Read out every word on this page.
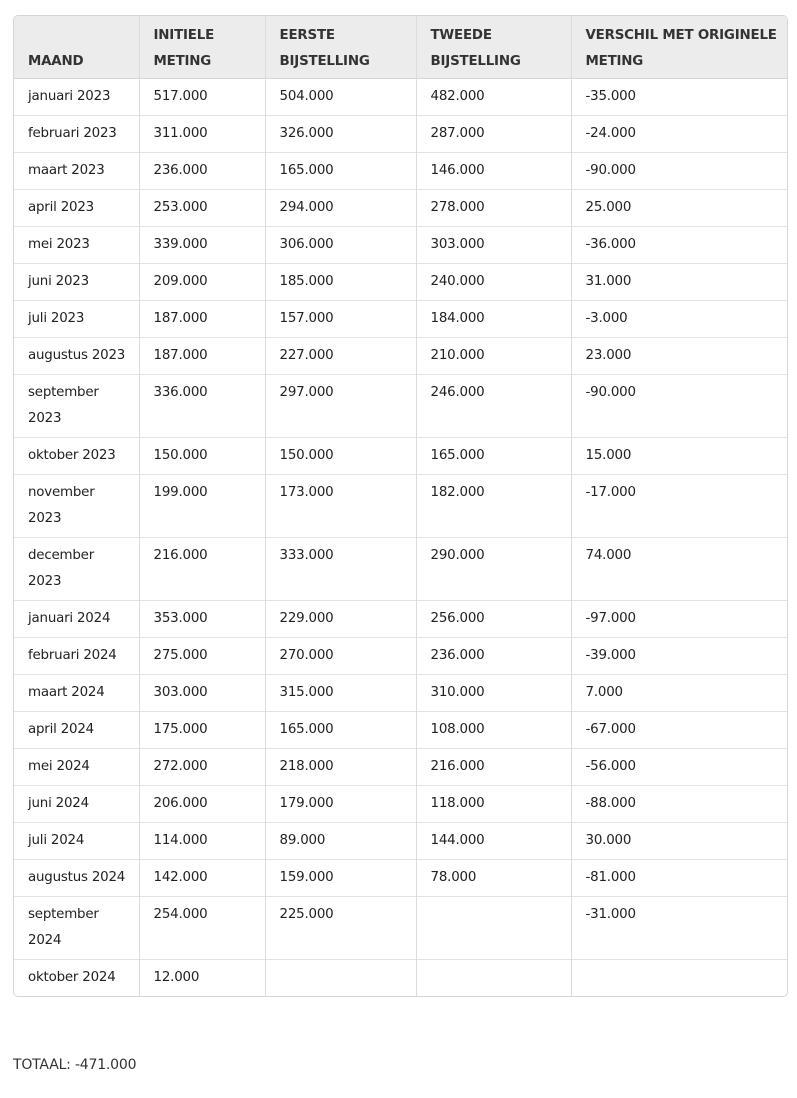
MAAND	INITIELE METING	EERSTE BIJSTELLING	TWEEDE BIJSTELLING	VERSCHIL MET ORIGINELE METING
januari 2023	517.000	504.000	482.000	-35.000
februari 2023	311.000	326.000	287.000	-24.000
maart 2023	236.000	165.000	146.000	-90.000
april 2023	253.000	294.000	278.000	25.000
mei 2023	339.000	306.000	303.000	-36.000
juni 2023	209.000	185.000	240.000	31.000
juli 2023	187.000	157.000	184.000	-3.000
augustus 2023	187.000	227.000	210.000	23.000
september 2023	336.000	297.000	246.000	-90.000
oktober 2023	150.000	150.000	165.000	15.000
november 2023	199.000	173.000	182.000	-17.000
december 2023	216.000	333.000	290.000	74.000
januari 2024	353.000	229.000	256.000	-97.000
februari 2024	275.000	270.000	236.000	-39.000
maart 2024	303.000	315.000	310.000	7.000
april 2024	175.000	165.000	108.000	-67.000
mei 2024	272.000	218.000	216.000	-56.000
juni 2024	206.000	179.000	118.000	-88.000
juli 2024	114.000	89.000	144.000	30.000
augustus 2024	142.000	159.000	78.000	-81.000
september 2024	254.000	225.000		-31.000
oktober 2024	12.000			
TOTAAL: -471.000
